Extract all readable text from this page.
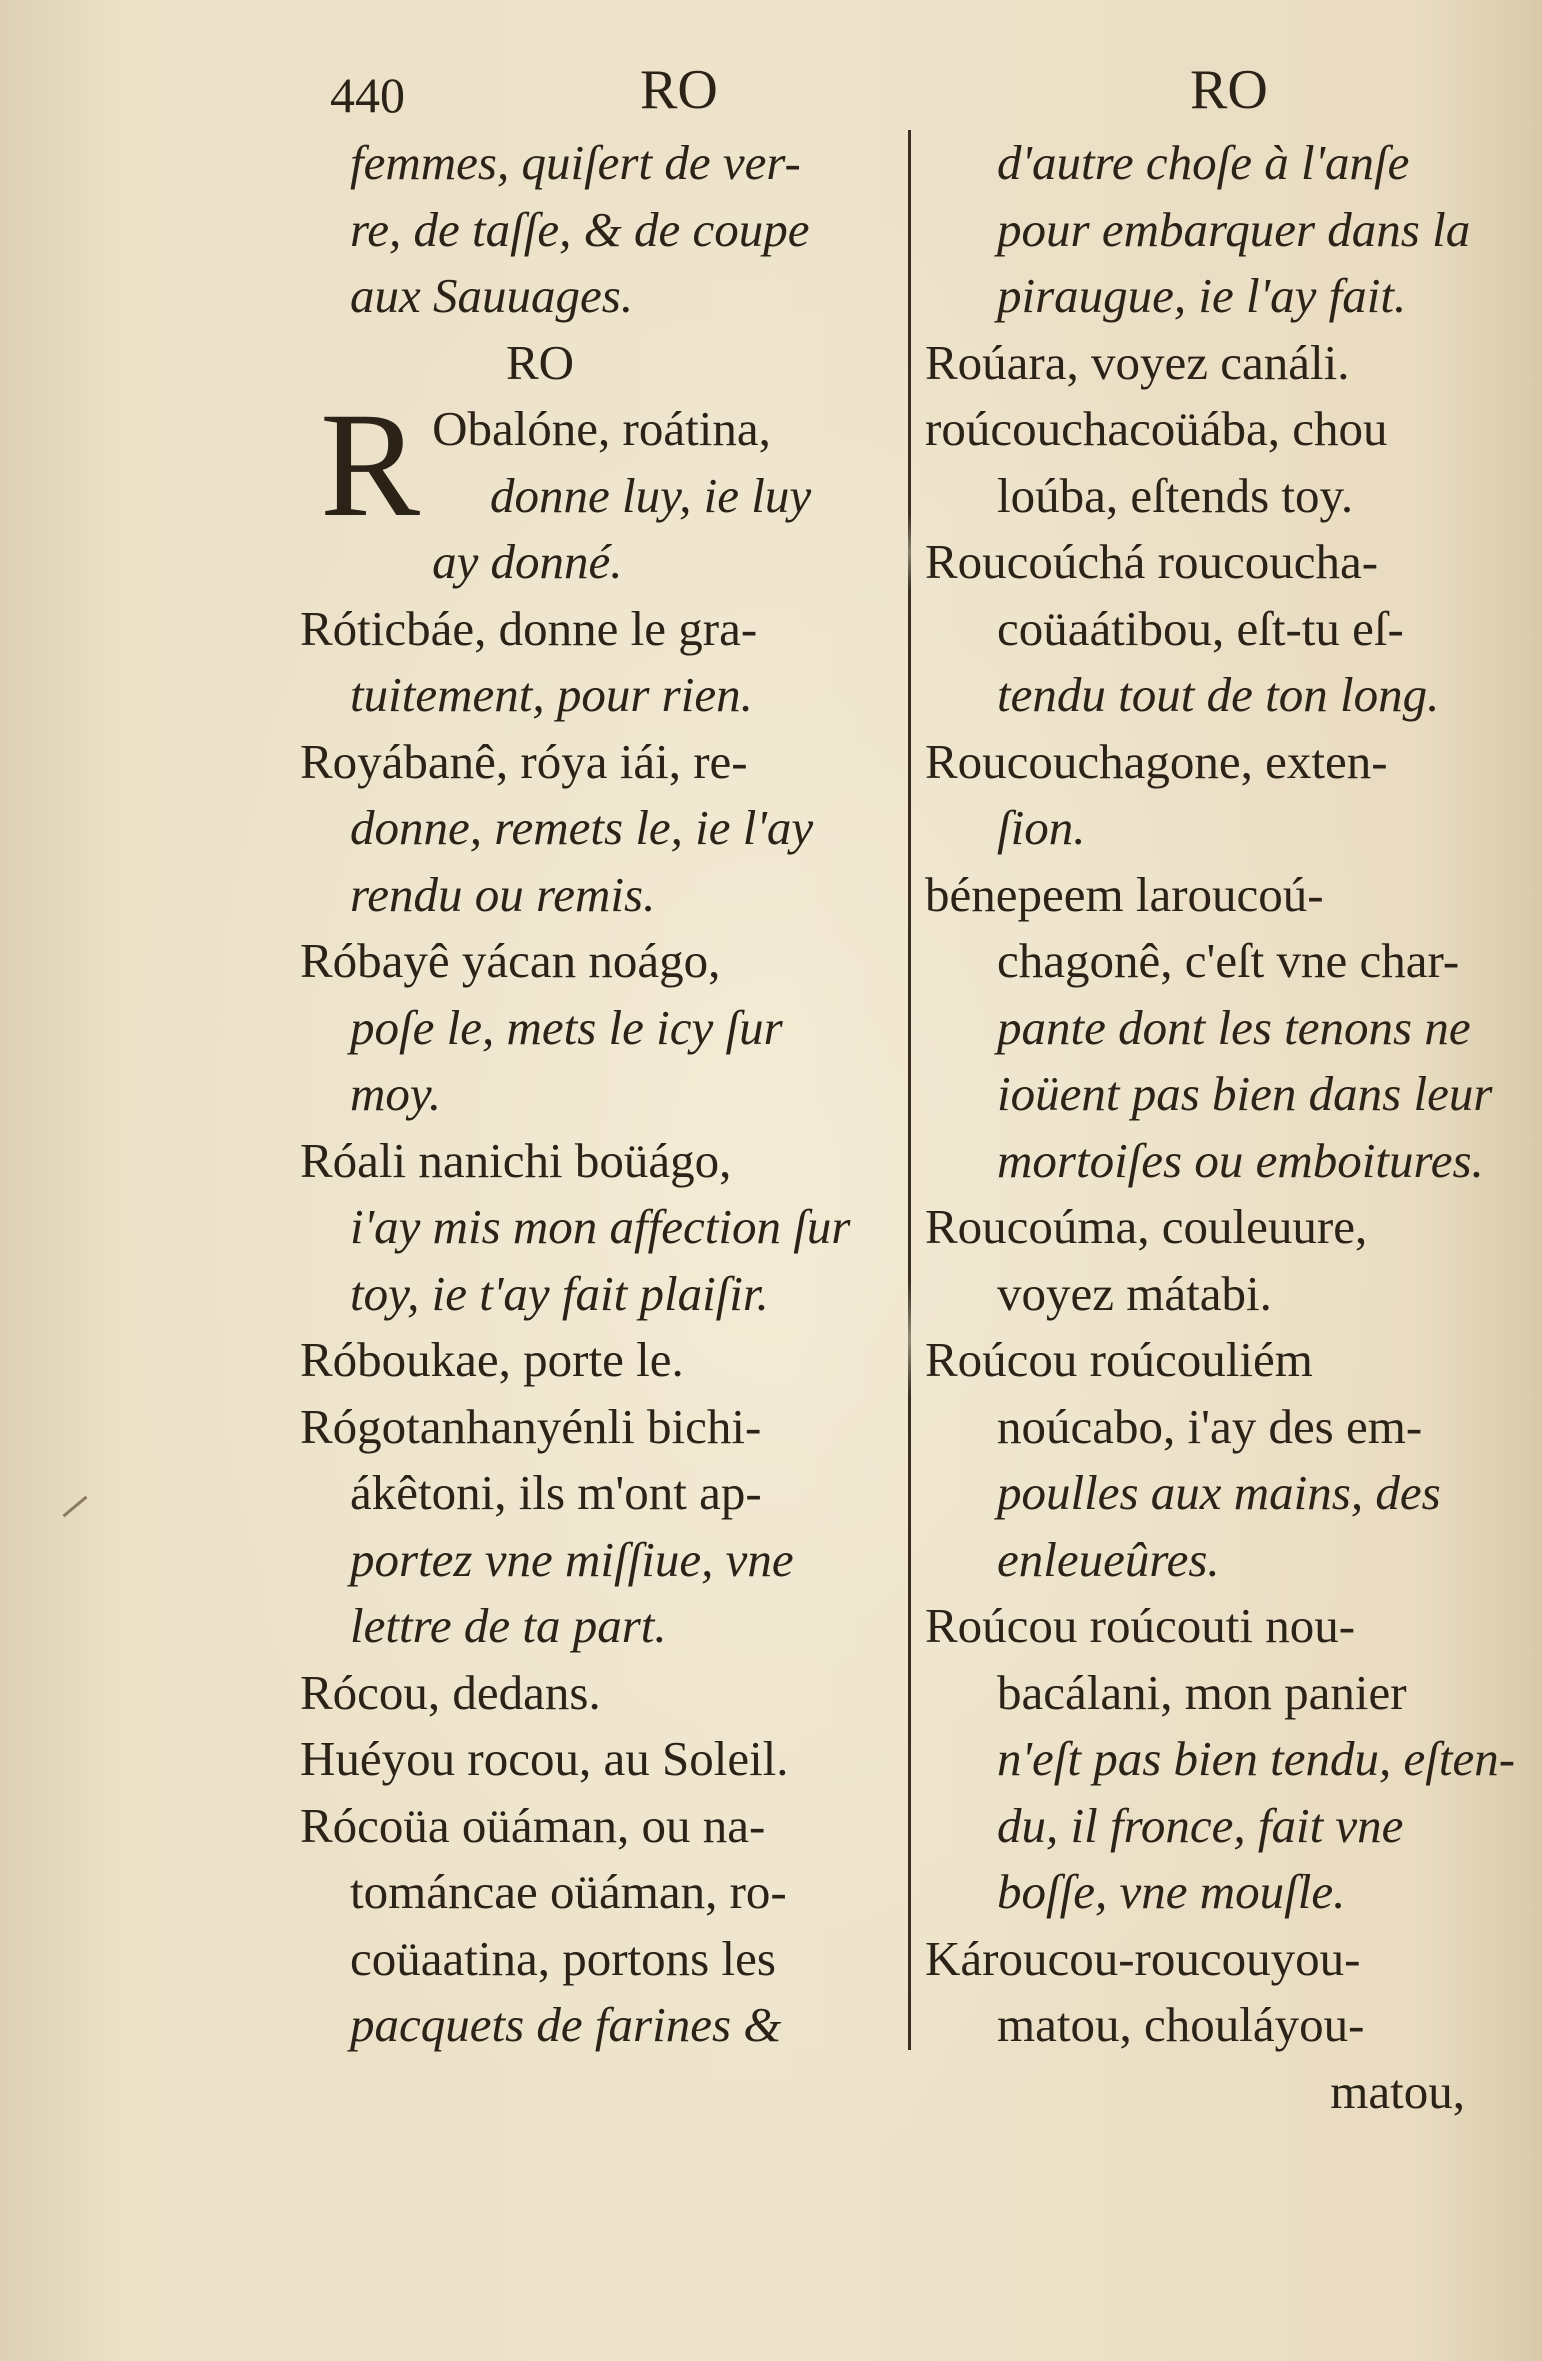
440	RO	RO
femmes, quiſert de ver-
re, de taſſe, & de coupe
aux Sauuages.
RO
R Obalóne, roátina,
donne luy, ie luy
ay donné.
Róticbáe, donne le gra-
tuitement, pour rien.
Royábanê, róya iái, re-
donne, remets le, ie l'ay
rendu ou remis.
Róbayê yácan noágo,
poſe le, mets le icy ſur
moy.
Róali nanichi boüágo,
i'ay mis mon affection ſur
toy, ie t'ay fait plaiſir.
Róboukae, porte le.
Rógotanhanyénli bichi-
ákêtoni, ils m'ont ap-
portez vne miſſiue, vne
lettre de ta part.
Rócou, dedans.
Huéyou rocou, au Soleil.
Rócoüa oüáman, ou na-
tománcae oüáman, ro-
coüaatina, portons les
pacquets de farines &
d'autre choſe à l'anſe
pour embarquer dans la
piraugue, ie l'ay fait.
Roúara, voyez canáli.
roúcouchacoüába, chou
loúba, eſtends toy.
Roucoúchá roucoucha-
coüaátibou, eſt-tu eſ-
tendu tout de ton long.
Roucouchagone, exten-
ſion.
bénepeem laroucoú-
chagonê, c'eſt vne char-
pante dont les tenons ne
ioüent pas bien dans leur
mortoiſes ou emboitures.
Roucoúma, couleuure,
voyez mátabi.
Roúcou roúcouliém
noúcabo, i'ay des em-
poulles aux mains, des
enleueûres.
Roúcou roúcouti nou-
bacálani, mon panier
n'eſt pas bien tendu, eſten-
du, il fronce, fait vne
boſſe, vne mouſle.
Károucou-roucouyou-
matou, chouláyou-
matou,
